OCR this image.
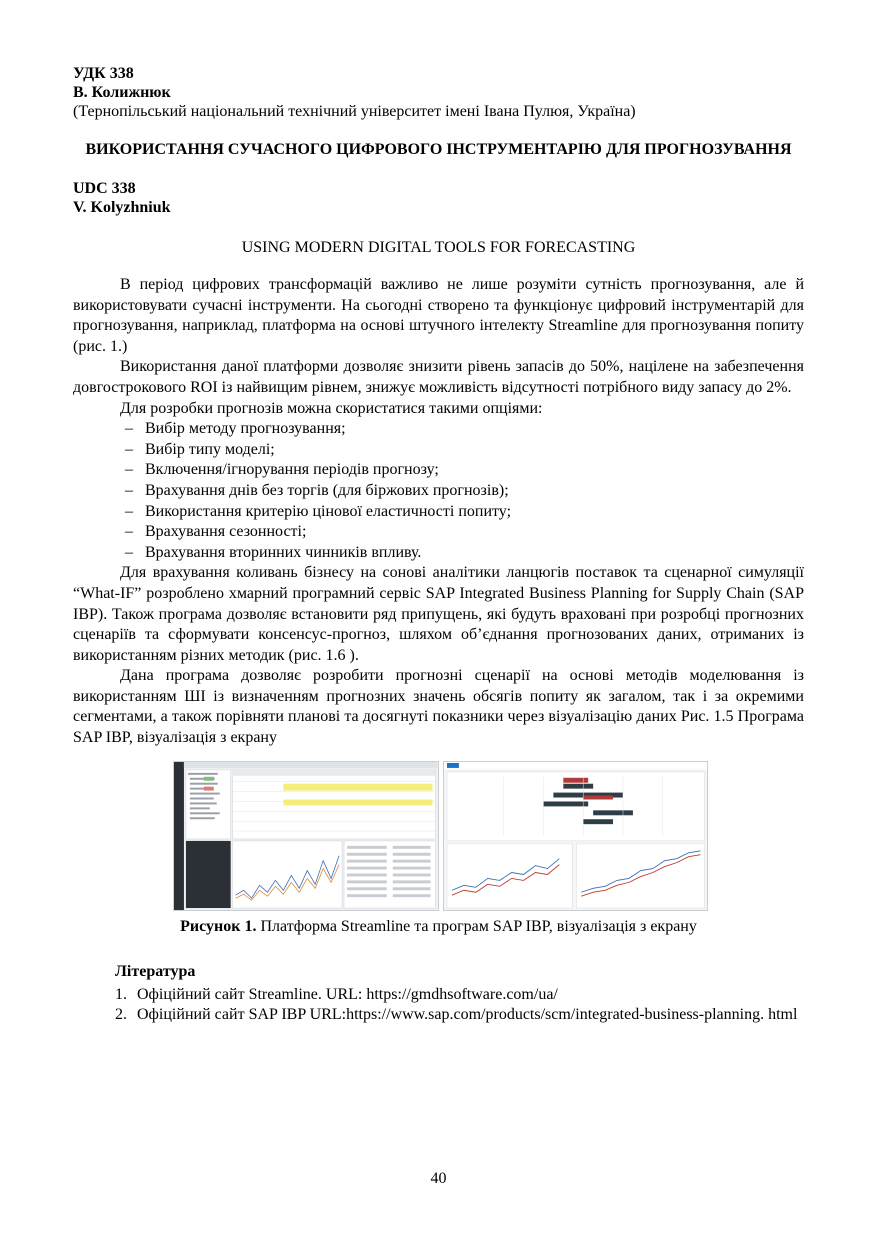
УДК 338
В. Колижнюк
(Тернопільський національний технічний університет імені Івана Пулюя, Україна)

ВИКОРИСТАННЯ СУЧАСНОГО ЦИФРОВОГО ІНСТРУМЕНТАРІЮ ДЛЯ ПРОГНОЗУВАННЯ

UDC 338
V. Kolyzhniuk

USING MODERN DIGITAL TOOLS FOR FORECASTING

В період цифрових трансформацій важливо не лише розуміти сутність прогнозування, але й використовувати сучасні інструменти. На сьогодні створено та функціонує цифровий інструментарій для прогнозування, наприклад, платформа на основі штучного інтелекту Streamline для прогнозування попиту (рис. 1.)

Використання даної платформи дозволяє знизити рівень запасів до 50%, націлене на забезпечення довгострокового ROI із найвищим рівнем, знижує можливість відсутності потрібного виду запасу до 2%.

Для розробки прогнозів можна скористатися такими опціями:

– Вибір методу прогнозування;
– Вибір типу моделі;
– Включення/ігнорування періодів прогнозу;
– Врахування днів без торгів (для біржових прогнозів);
– Використання критерію цінової еластичності попиту;
– Врахування сезонності;
– Врахування вторинних чинників впливу.

Для врахування коливань бізнесу на сонові аналітики ланцюгів поставок та сценарної симуляції “What-IF” розроблено хмарний програмний сервіс SAP Integrated Business Planning for Supply Chain (SAP IBP). Також програма дозволяє встановити ряд припущень, які будуть враховані при розробці прогнозних сценаріїв та сформувати консенсус-прогноз, шляхом об’єднання прогнозованих даних, отриманих із використанням різних методик (рис. 1.6 ).

Дана програма дозволяє розробити прогнозні сценарії на основі методів моделювання із використанням ШІ із визначенням прогнозних значень обсягів попиту як загалом, так і за окремими сегментами, а також порівняти планові та досягнуті показники через візуалізацію даних Рис. 1.5 Програма SAP IBP, візуалізація з екрану

Рисунок 1. Платформа Streamline та програм SAP IBP, візуалізація з екрану
Література
1. Офіційний сайт Streamline. URL: https://gmdhsoftware.com/ua/
2. Офіційний сайт SAP IBP URL:https://www.sap.com/products/scm/integrated-business-planning. html
40
